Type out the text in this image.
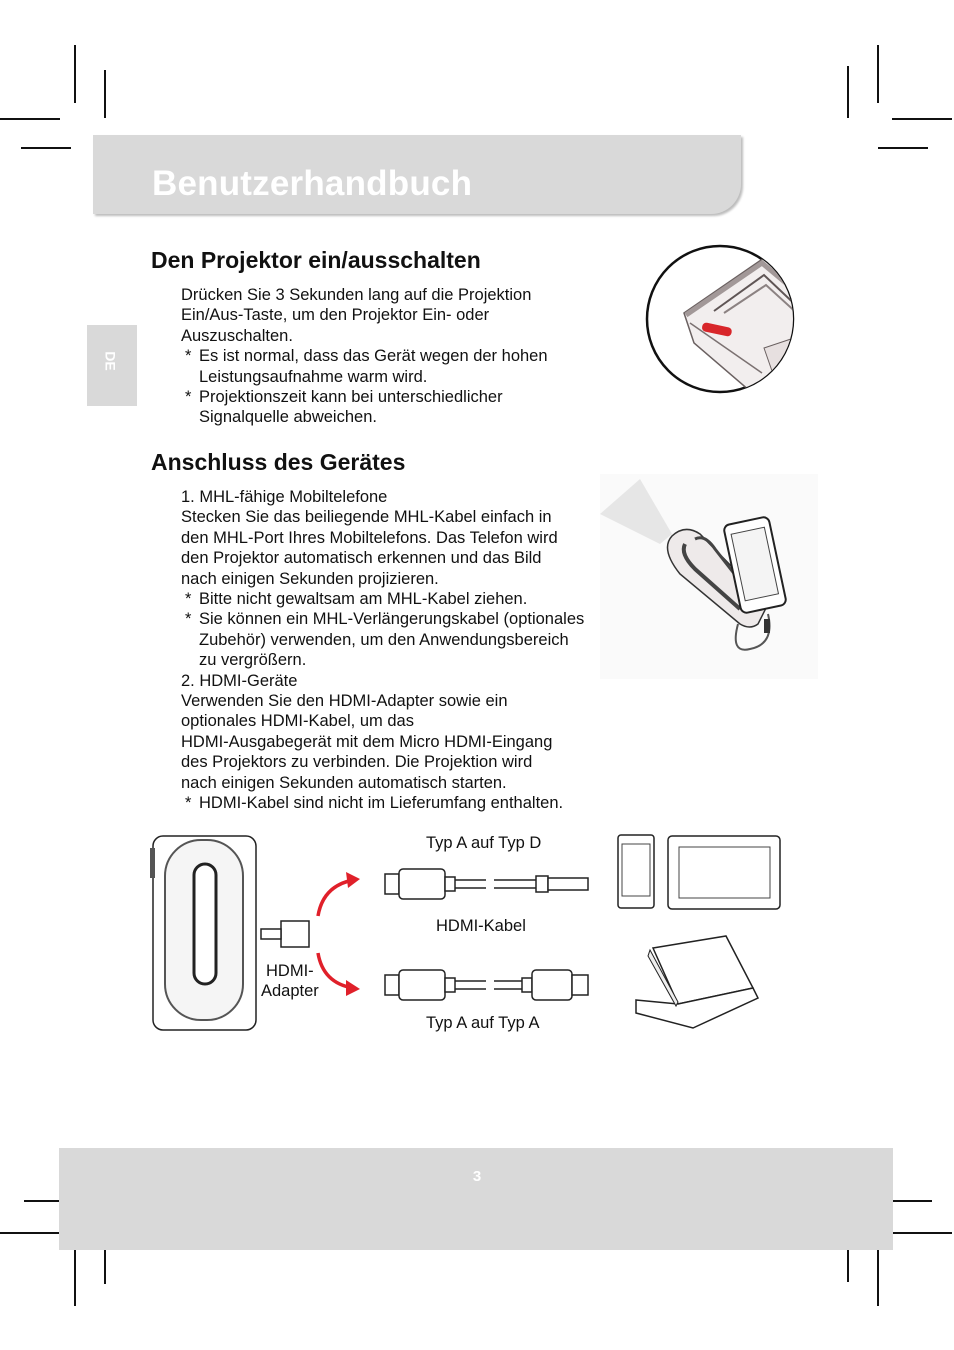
Benutzerhandbuch
DE
Den Projektor ein/ausschalten
Drücken Sie 3 Sekunden lang auf die Projektion
Ein/Aus-Taste, um den Projektor Ein- oder
Auszuschalten.
* Es ist normal, dass das Gerät wegen der hohen
Leistungsaufnahme warm wird.
* Projektionszeit kann bei unterschiedlicher
Signalquelle abweichen.
Anschluss des Gerätes
1. MHL-fähige Mobiltelefone
Stecken Sie das beiliegende MHL-Kabel einfach in
den MHL-Port Ihres Mobiltelefons. Das Telefon wird
den Projektor automatisch erkennen und das Bild
nach einigen Sekunden projizieren.
* Bitte nicht gewaltsam am MHL-Kabel ziehen.
* Sie können ein MHL-Verlängerungskabel (optionales
Zubehör) verwenden, um den Anwendungsbereich
zu vergrößern.
2. HDMI-Geräte
Verwenden Sie den HDMI-Adapter sowie ein
optionales HDMI-Kabel, um das
HDMI-Ausgabegerät mit dem Micro HDMI-Eingang
des Projektors zu verbinden. Die Projektion wird
nach einigen Sekunden automatisch starten.
* HDMI-Kabel sind nicht im Lieferumfang enthalten.
Typ A auf Typ D
HDMI-Kabel
Typ A auf Typ A
HDMI-
Adapter
3
